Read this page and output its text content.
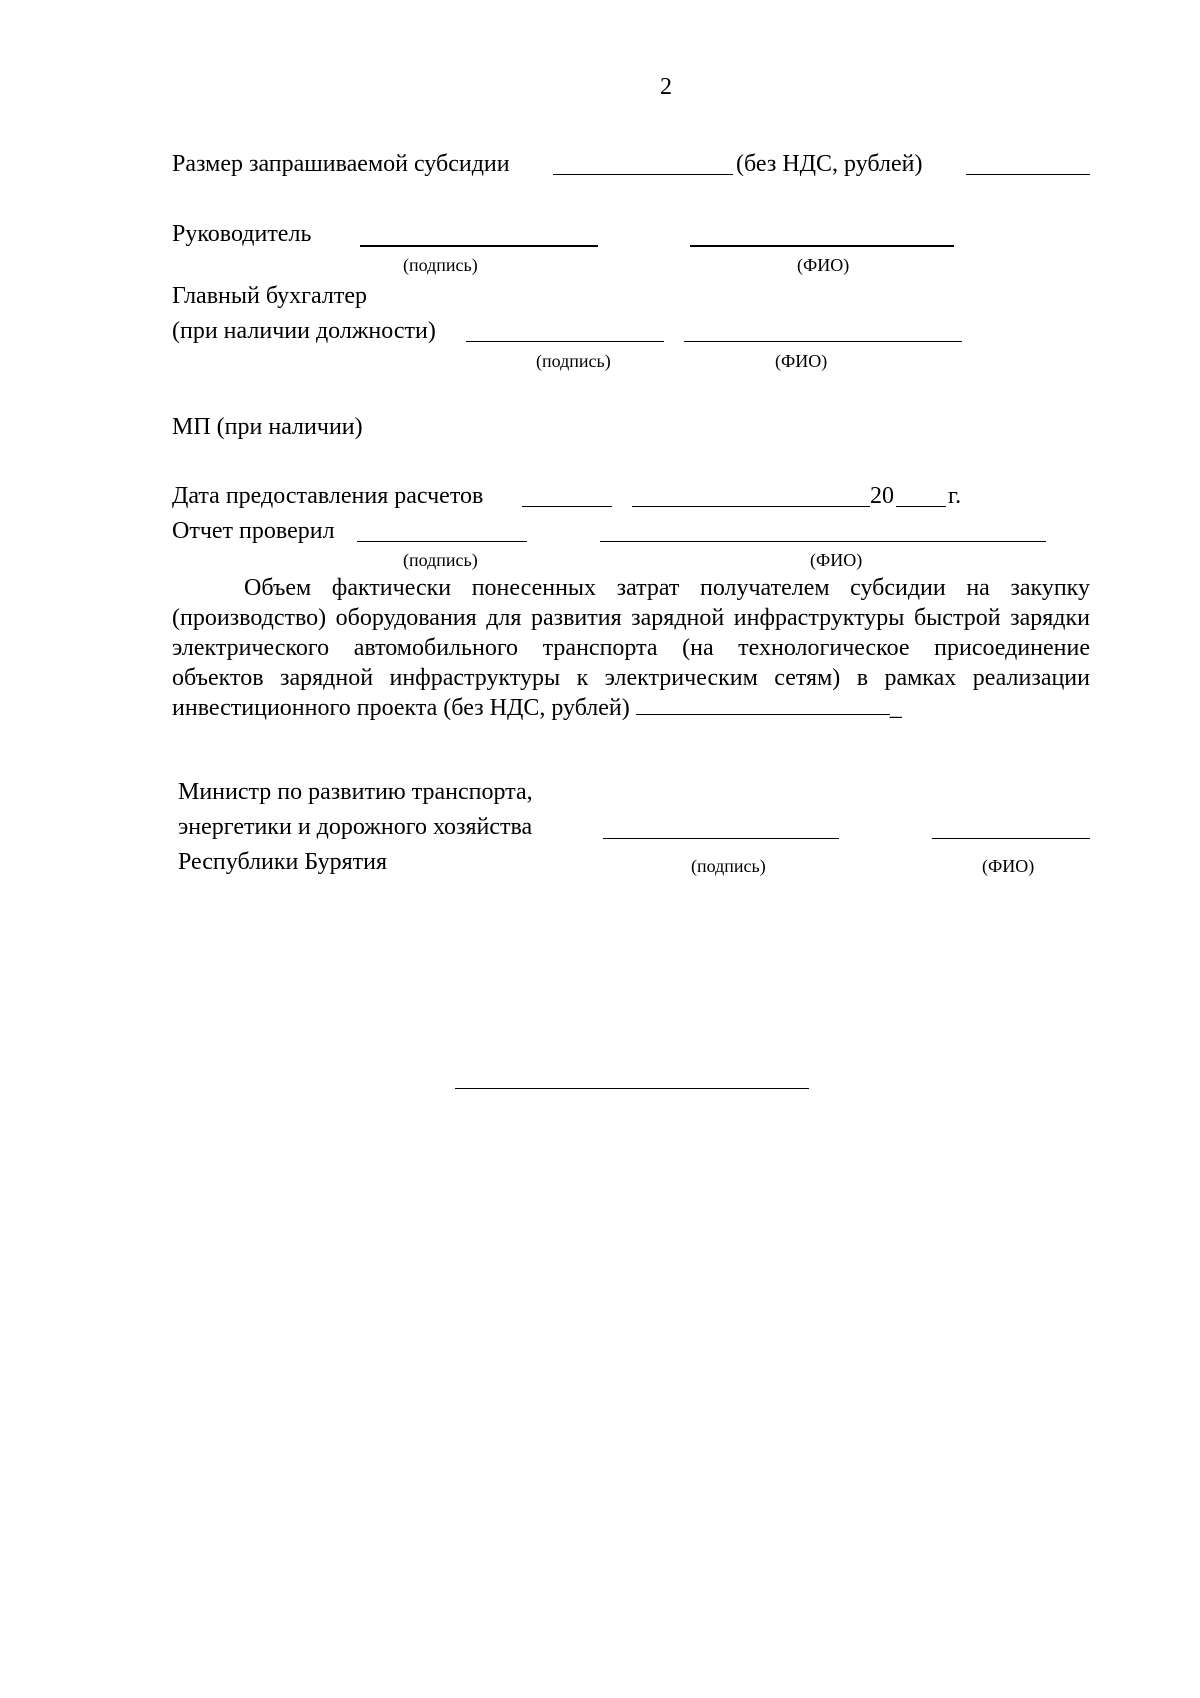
2
Размер запрашиваемой субсидии	(без НДС, рублей)
Руководитель
(подпись)	(ФИО)
Главный бухгалтер
(при наличии должности)
(подпись)	(ФИО)
МП (при наличии)
Дата предоставления расчетов	20 г.
Отчет проверил
(подпись)	(ФИО)
Объем фактически понесенных затрат получателем субсидии на закупку (производство) оборудования для развития зарядной инфраструктуры быстрой зарядки электрического автомобильного транспорта (на технологическое присоединение объектов зарядной инфраструктуры к электрическим сетям) в рамках реализации инвестиционного проекта (без НДС, рублей)	_
Министр по развитию транспорта,
энергетики и дорожного хозяйства
Республики Бурятия	(подпись)	(ФИО)
